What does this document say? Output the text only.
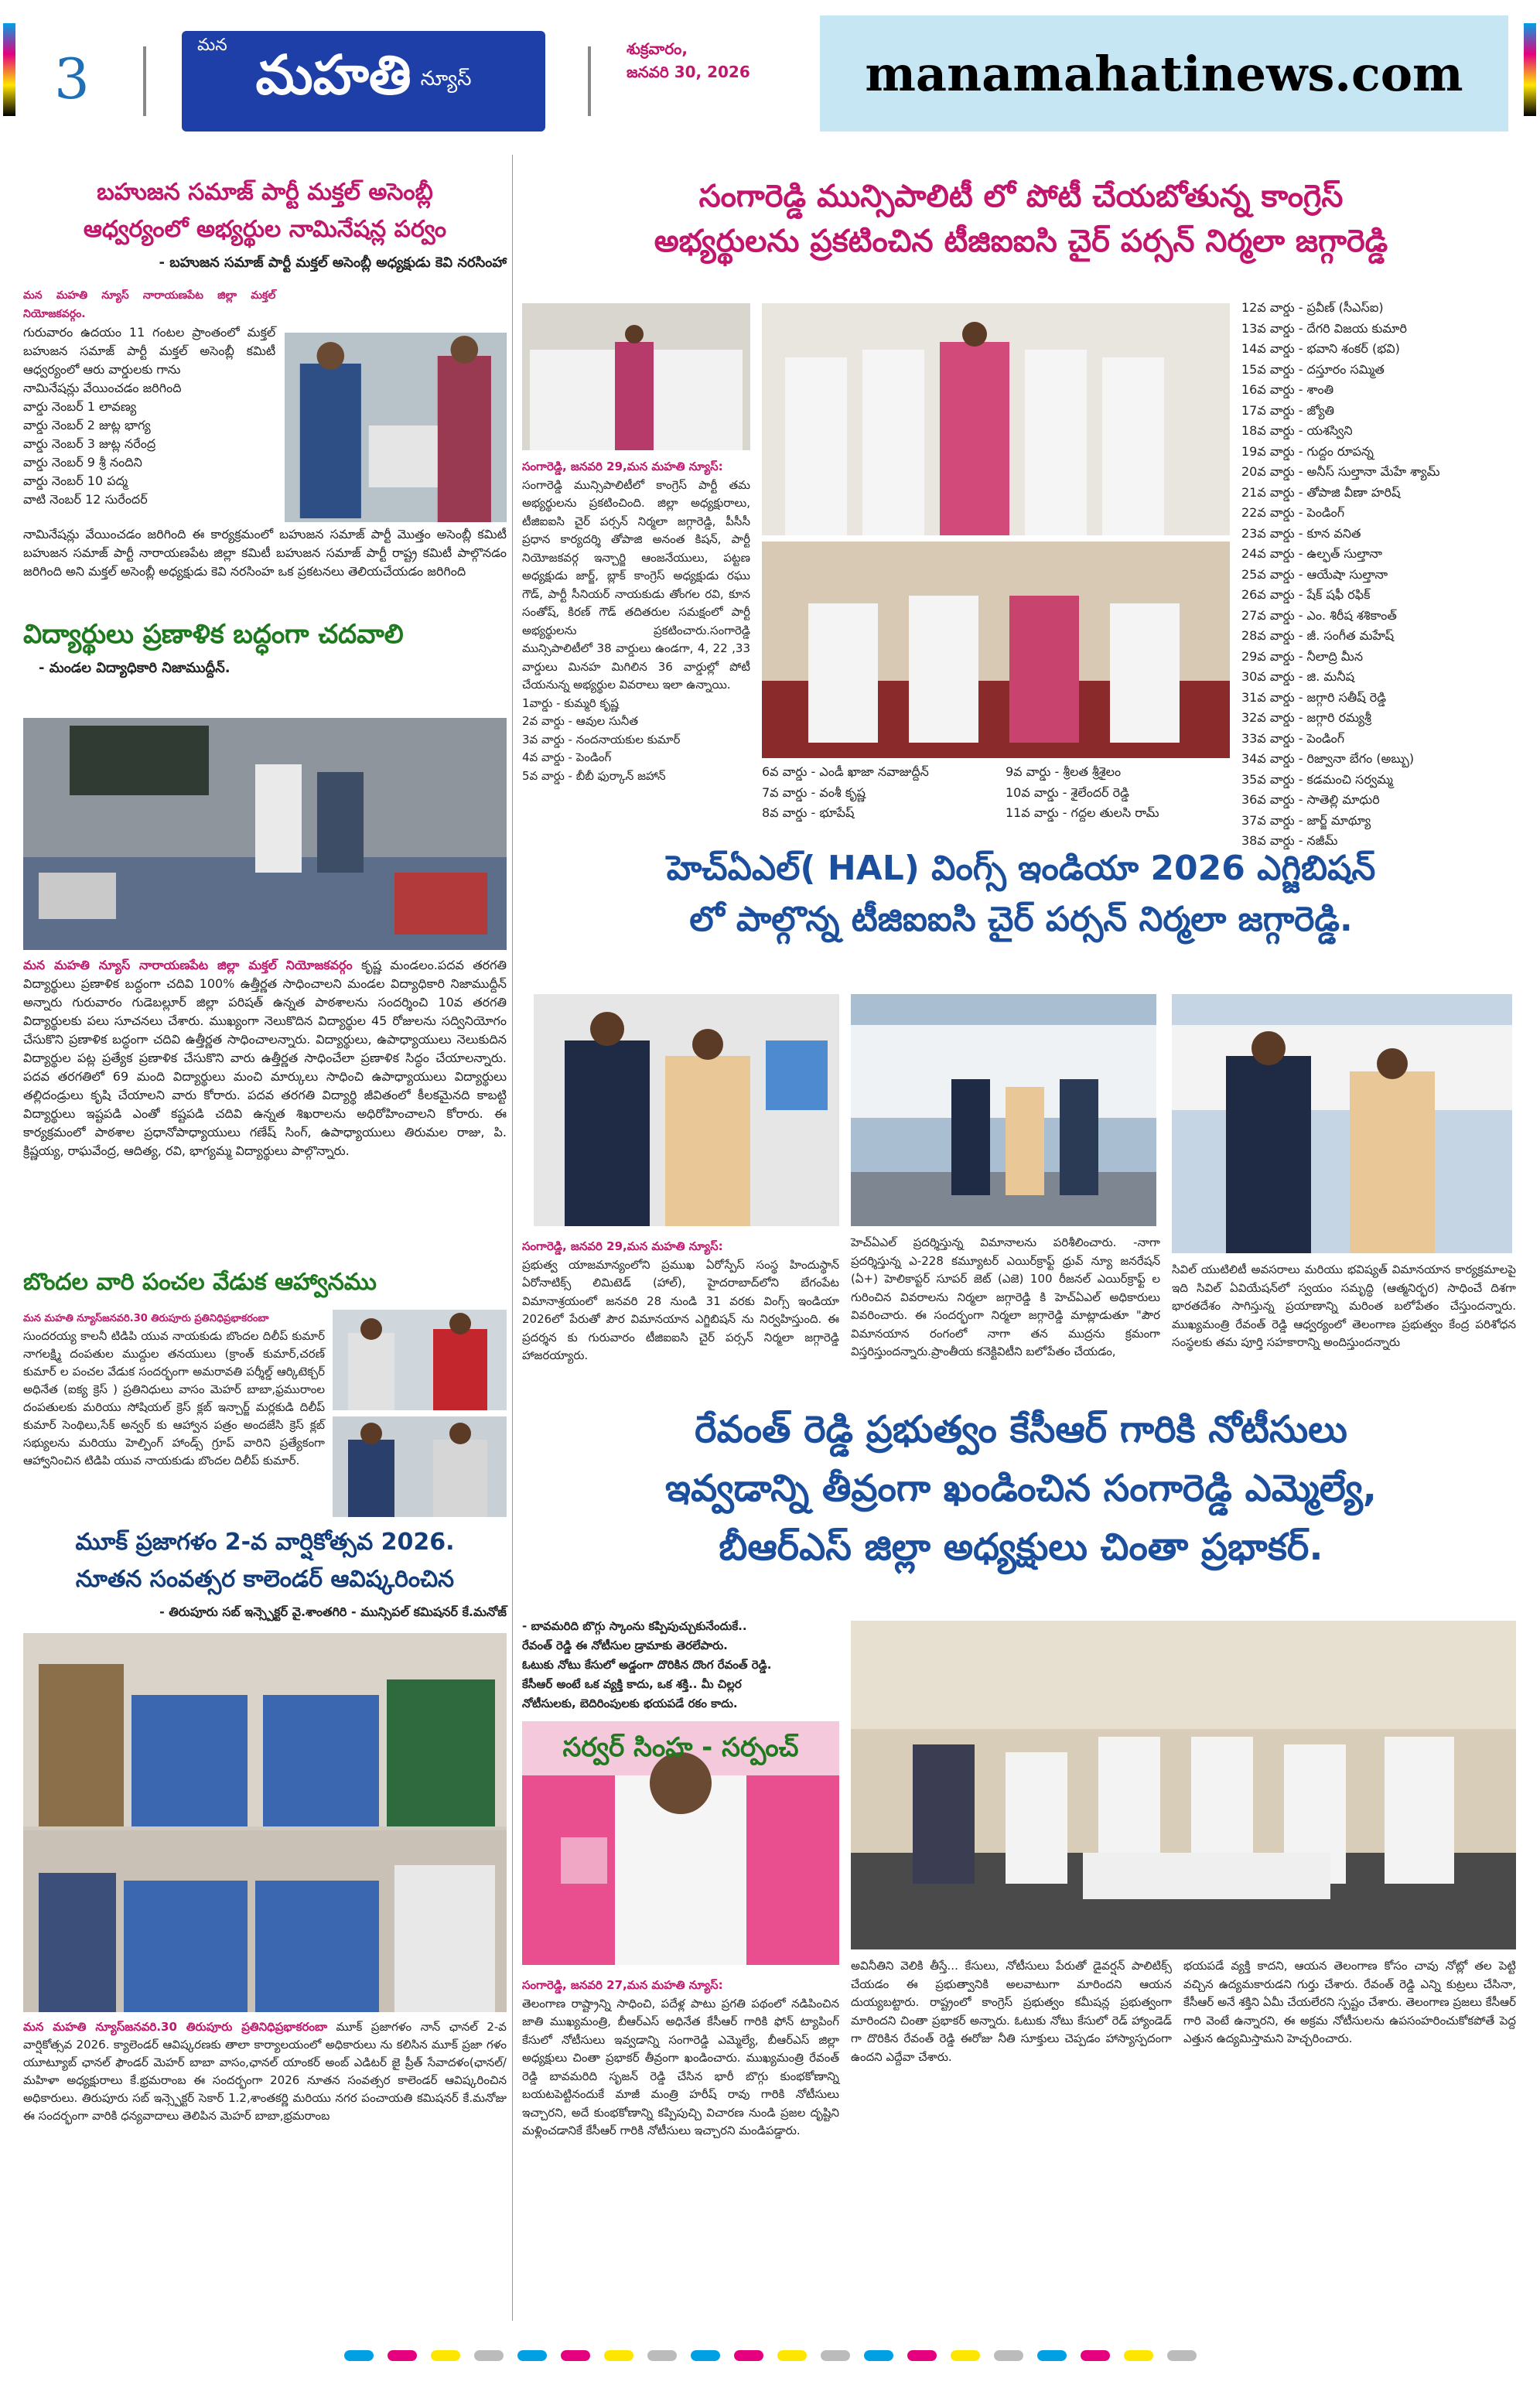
3
మన మహతి న్యూస్
శుక్రవారం,
జనవరి 30, 2026 manamahatinews.com
బహుజన సమాజ్ పార్టీ మక్తల్ అసెంబ్లీ
ఆధ్వర్యంలో అభ్యర్థుల నామినేషన్ల పర్వం
- బహుజన సమాజ్ పార్టీ మక్తల్ అసెంబ్లీ అధ్యక్షుడు కెవి నరసింహా
మన మహతి న్యూస్ నారాయణపేట జిల్లా మక్తల్ నియోజకవర్గం.
గురువారం ఉదయం 11 గంటల ప్రాంతంలో మక్తల్ బహుజన సమాజ్ పార్టీ మక్తల్ అసెంబ్లీ కమిటీ ఆధ్వర్యంలో ఆరు వార్డులకు గాను
నామినేషన్లు వేయించడం జరిగింది
వార్డు నెంబర్ 1 లావణ్య
వార్డు నెంబర్ 2 జుట్ల భాగ్య
వార్డు నెంబర్ 3 జుట్ల నరేంద్ర
వార్డు నెంబర్ 9 శ్రీ నందిని
వార్డు నెంబర్ 10 పద్మ
వాటి నెంబర్ 12 సురేందర్
నామినేషన్లు వేయించడం జరిగింది ఈ కార్యక్రమంలో బహుజన సమాజ్ పార్టీ మొత్తం అసెంబ్లీ కమిటీ బహుజన సమాజ్ పార్టీ నారాయణపేట జిల్లా కమిటీ బహుజన సమాజ్ పార్టీ రాష్ట్ర కమిటీ పాల్గొనడం జరిగింది అని మక్తల్ అసెంబ్లీ అధ్యక్షుడు కెవి నరసింహ ఒక ప్రకటనలు తెలియచేయడం జరిగింది
విద్యార్థులు ప్రణాళిక బద్ధంగా చదవాలి
- మండల విద్యాధికారి నిజాముద్దీన్.
మన మహతి న్యూస్ నారాయణపేట జిల్లా మక్తల్ నియోజకవర్గం కృష్ణ మండలం.పదవ తరగతి విద్యార్థులు ప్రణాళిక బద్ధంగా చదివి 100% ఉత్తీర్ణత సాధించాలని మండల విద్యాధికారి నిజాముద్దీన్ అన్నారు గురువారం గుడెబల్లూర్ జిల్లా పరిషత్ ఉన్నత పాఠశాలను సందర్శించి 10వ తరగతి విద్యార్థులకు పలు సూచనలు చేశారు. ముఖ్యంగా నెలుకొదిన విద్యార్థుల 45 రోజులను సద్వినియోగం చేసుకొని ప్రణాళిక బద్ధంగా చదివి ఉత్తీర్ణత సాధించాలన్నారు. విద్యార్థులు, ఉపాధ్యాయులు నెలుకుదిన విద్యార్థుల పట్ల ప్రత్యేక ప్రణాళిక చేసుకొని వారు ఉత్తీర్ణత సాధించేలా ప్రణాళిక సిద్ధం చేయాలన్నారు. పదవ తరగతిలో 69 మంది విద్యార్థులు మంచి మార్కులు సాధించి ఉపాధ్యాయులు విద్యార్థులు తల్లిదండ్రులు కృషి చేయాలని వారు కోరారు. పదవ తరగతి విద్యార్థి జీవితంలో కీలకమైనది కాబట్టి విద్యార్థులు ఇష్టపడి ఎంతో కష్టపడి చదివి ఉన్నత శిఖరాలను అధిరోహించాలని కోరారు. ఈ కార్యక్రమంలో పాఠశాల ప్రధానోపాధ్యాయులు గణేష్ సింగ్, ఉపాధ్యాయులు తిరుమల రాజు, పి. క్రిష్ణయ్య, రాఘవేంద్ర, ఆదిత్య, రవి, భాగ్యమ్మ విద్యార్థులు పాల్గొన్నారు.
బొందల వారి పంచల వేడుక ఆహ్వానము
మన మహతి న్యూస్‌జనవరి.30 తిరుపూరు ప్రతినిధిప్రభాకరంబా
సుందరయ్య కాలనీ టిడిపి యువ నాయకుడు బొందల దిలీప్ కుమార్ నాగలక్ష్మి దంపతుల ముద్దుల తనయులు (క్రాంత్ కుమార్,చరణ్ కుమార్ ల పంచల వేడుక సందర్భంగా అమరావతి పర్శీల్డ్ ఆర్కిటెక్చర్ అధినేత (ఐక్య క్రెస్ ) ప్రతినిధులు వాసం మెహర్ బాబా,ఫ్రమురాంల దంపతులకు మరియు సోషియల్ క్రెస్ క్లబ్ ఇన్చార్జ్ మర్లకుడి దిలీప్ కుమార్ సెంథిలు,సేక్ అన్వర్ కు ఆహ్వాన పత్రం అందజేసి క్రెస్ క్లబ్ సభ్యులను మరియు హెల్పింగ్ హాండ్స్ గ్రూప్ వారిని ప్రత్యేకంగా ఆహ్వానించిన టిడిపి యువ నాయకుడు బొందల దిలీప్ కుమార్.
మూక్ ప్రజాగళం 2-వ వార్షికోత్సవ 2026.
నూతన సంవత్సర కాలెండర్ ఆవిష్కరించిన
- తిరుపూరు సబ్ ఇన్స్పెక్టర్ వై.శాంతగిరి - మున్సిపల్ కమిషనర్ కే.మనోజ్
మన మహతి న్యూస్‌జనవరి.30 తిరుపూరు ప్రతినిధిప్రభాకరంబా మూక్ ప్రజాగళం నాన్ ఛానల్ 2-వ వార్షికోత్సవ 2026. క్యాలెండర్ ఆవిష్కరణకు తాలా కార్యాలయంలో అధికారులు ను కలిసిన మూక్ ప్రజా గళం యూట్యూబ్ ఛానల్ ఫౌండర్ మెహర్ బాబా వాసం,ఛానల్ యాంకర్ అంబ్ ఎడిటర్ జై ప్రీత్ సేవాదళం(ఛానల్/మహిళా అధ్యక్షురాలు కే.భ్రమరాంబ ఈ సందర్భంగా 2026 నూతన సంవత్సర కాలెండర్ ఆవిష్కరించిన అధికారులు. తిరుపూరు సబ్ ఇన్స్పెక్టర్ సెకార్ 1.2,శాంతకర్ణి మరియు నగర పంచాయతి కమిషనర్ కే.మనోజు ఈ సందర్భంగా వారికి ధన్యవాదాలు తెలిపిన మెహర్ బాబా,భ్రమరాంబ
సంగారెడ్డి మున్సిపాలిటీ లో పోటీ చేయబోతున్న కాంగ్రెస్
అభ్యర్థులను ప్రకటించిన టీజిఐఐసి చైర్ పర్సన్ నిర్మలా జగ్గారెడ్డి
సంగారెడ్డి, జనవరి 29,మన మహతి న్యూస్:
సంగారెడ్డి మున్సిపాలిటీలో కాంగ్రెస్ పార్టీ తమ అభ్యర్థులను ప్రకటించింది. జిల్లా అధ్యక్షురాలు, టీజిఐఐసి చైర్ పర్సన్ నిర్మలా జగ్గారెడ్డి, పీసీసీ ప్రధాన కార్యదర్శి తోపాజి అనంత కిషన్, పార్టీ నియోజకవర్గ ఇన్చార్జి ఆంజనేయులు, పట్టణ అధ్యక్షుడు జార్జ్, బ్లాక్ కాంగ్రెస్ అధ్యక్షుడు రఘు గౌడ్, పార్టీ సీనియర్ నాయకుడు తోంగల రవి, కూన సంతోష్, కిరణ్ గౌడ్ తదితరుల సమక్షంలో పార్టీ అభ్యర్థులను ప్రకటించారు.సంగారెడ్డి మున్సిపాలిటీలో 38 వార్డులు ఉండగా, 4, 22 ,33 వార్డులు మినహ మిగిలిన 36 వార్డుల్లో పోటీ చేయనున్న అభ్యర్థుల వివరాలు ఇలా ఉన్నాయి.
1వార్డు - కుమ్మరి కృష్ణ
2వ వార్డు - ఆవుల సునీత
3వ వార్డు - నందనాయకుల కుమార్
4వ వార్డు - పెండింగ్
5వ వార్డు - బీబీ ఫుర్కాన్ జహాన్	6వ వార్డు - ఎండీ ఖాజా నవాజుద్దీన్
7వ వార్డు - వంశీ కృష్ణ
8వ వార్డు - భూపేష్
9వ వార్డు - శ్రీలత శ్రీశైలం
10వ వార్డు - శైలేందర్ రెడ్డి
11వ వార్డు - గద్దల తులసి రామ్
12వ వార్డు - ప్రవీణ్ (సీఎస్ఐ)
13వ వార్డు - దేగరి విజయ కుమారి
14వ వార్డు - భవాని శంకర్ (భవి)
15వ వార్డు - దస్తూరం సమ్మిత
16వ వార్డు - శాంతి
17వ వార్డు - జ్యోతి
18వ వార్డు - యశస్విని
19వ వార్డు - గుద్దం రూపన్న
20వ వార్డు - అనీస్ సుల్తానా మేహే శ్యామ్
21వ వార్డు - తోపాజి వీణా హరిష్
22వ వార్డు - పెండింగ్
23వ వార్డు - కూన వనిత
24వ వార్డు - ఉల్ఫత్ సుల్తానా
25వ వార్డు - ఆయేషా సుల్తానా
26వ వార్డు - షేక్ షఫీ రఫిక్
27వ వార్డు - ఎం. శిరీష శశికాంత్
28వ వార్డు - జీ. సంగీత మహేష్
29వ వార్డు - నీలాద్రి మీన
30వ వార్డు - జి. మనీష
31వ వార్డు - జగ్గారి సతీష్ రెడ్డి
32వ వార్డు - జగ్గారి రమ్యశ్రీ
33వ వార్డు - పెండింగ్
34వ వార్డు - రిజ్వానా బేగం (అబ్బు)
35వ వార్డు - కడమంచి సర్వమ్మ
36వ వార్డు - సాతెల్లి మాధురి
37వ వార్డు - జార్జ్ మాథ్యూ
38వ వార్డు - నజీమ్
హెచ్ఏఎల్( HAL) వింగ్స్ ఇండియా 2026 ఎగ్జిబిషన్
లో పాల్గొన్న టీజిఐఐసి చైర్ పర్సన్ నిర్మలా జగ్గారెడ్డి.
సంగారెడ్డి, జనవరి 29,మన మహతి న్యూస్:
ప్రభుత్వ యాజమాన్యంలోని ప్రముఖ ఏరోస్పేస్ సంస్థ హిందుస్థాన్ ఏరోనాటిక్స్ లిమిటెడ్ (హాల్), హైదరాబాద్‌లోని బేగంపేట విమానాశ్రయంలో జనవరి 28 నుండి 31 వరకు వింగ్స్ ఇండియా 2026లో పేరుతో పౌర విమానయాన ఎగ్జిబిషన్ ను నిర్వహిస్తుంది. ఈ ప్రదర్శన కు గురువారం టీజిఐఐసి చైర్ పర్సన్ నిర్మలా జగ్గారెడ్డి హాజరయ్యారు.
హెచ్ఏఎల్ ప్రదర్శిస్తున్న విమానాలను పరిశీలించారు. -నాగా ప్రదర్శిస్తున్న ఎ-228 కమ్యూటర్ ఎయిర్‌క్రాఫ్ట్ ధ్రువ్ న్యూ జనరేషన్ (ఏ+) హెలికాప్టర్ సూపర్ జెట్ (ఎజె) 100 రీజనల్ ఎయిర్‌క్రాఫ్ట్ ల గురించిన వివరాలను నిర్మలా జగ్గారెడ్డి కి హెచ్ఏఎల్ అధికారులు వివరించారు. ఈ సందర్భంగా నిర్మలా జగ్గారెడ్డి మాట్లాడుతూ "పౌర విమానయాన రంగంలో నాగా తన ముద్రను క్రమంగా విస్తరిస్తుందన్నారు.ప్రాంతీయ కనెక్టివిటీని బలోపేతం చేయడం,
సివిల్ యుటిలిటీ అవసరాలు మరియు భవిష్యత్ విమానయాన కార్యక్రమాలపై ఇది సివిల్ ఏవియేషన్‌లో స్వయం సమృద్ధి (ఆత్మనిర్భర) సాధించే దిశగా భారతదేశం సాగిస్తున్న ప్రయాణాన్ని మరింత బలోపేతం చేస్తుందన్నారు. ముఖ్యమంత్రి రేవంత్ రెడ్డి ఆధ్వర్యంలో తెలంగాణ ప్రభుత్వం కేంద్ర పరిశోధన సంస్థలకు తమ పూర్తి సహకారాన్ని అందిస్తుందన్నారు
రేవంత్ రెడ్డి ప్రభుత్వం కేసీఆర్ గారికి నోటీసులు
ఇవ్వడాన్ని తీవ్రంగా ఖండించిన సంగారెడ్డి ఎమ్మెల్యే,
బీఆర్ఎస్ జిల్లా అధ్యక్షులు చింతా ప్రభాకర్.
- బావమరిది బొగ్గు స్కాంను కప్పిపుచ్చుకునేందుకే..
రేవంత్ రెడ్డి ఈ నోటీసుల డ్రామాకు తెరలేపారు.
ఓటుకు నోటు కేసులో అడ్డంగా దొరికిన దొంగ రేవంత్ రెడ్డి.
కేసీఆర్ అంటే ఒక వ్యక్తి కాదు, ఒక శక్తి.. మీ చిల్లర
నోటీసులకు, బెదిరింపులకు భయపడే రకం కాదు.
సర్వర్ సింహ - సర్పంచ్
సంగారెడ్డి, జనవరి 27,మన మహతి న్యూస్:
తెలంగాణ రాష్ట్రాన్ని సాధించి, పదేళ్ల పాటు ప్రగతి పథంలో నడిపించిన జాతి ముఖ్యమంత్రి, బీఆర్ఎస్ అధినేత కేసీఆర్ గారికి ఫోన్ ట్యాపింగ్ కేసులో నోటీసులు ఇవ్వడాన్ని సంగారెడ్డి ఎమ్మెల్యే, బీఆర్ఎస్ జిల్లా అధ్యక్షులు చింతా ప్రభాకర్ తీవ్రంగా ఖండించారు. ముఖ్యమంత్రి రేవంత్ రెడ్డి బావమరిది సృజన్ రెడ్డి చేసిన భారీ బొగ్గు కుంభకోణాన్ని బయటపెట్టినందుకే మాజీ మంత్రి హరీష్ రావు గారికి నోటీసులు ఇచ్చారని, అదే కుంభకోణాన్ని కప్పిపుచ్చి విచారణ నుండి ప్రజల దృష్టిని మళ్లించడానికే కేసీఆర్ గారికి నోటీసులు ఇచ్చారని మండిపడ్డారు.
అవినీతిని వెలికి తీస్తే... కేసులు, నోటీసులు పేరుతో డైవర్షన్ పాలిటిక్స్ చేయడం ఈ ప్రభుత్వానికి అలవాటుగా మారిందని ఆయన దుయ్యబట్టారు. రాష్ట్రంలో కాంగ్రెస్ ప్రభుత్వం కమీషన్ల ప్రభుత్వంగా మారిందని చింతా ప్రభాకర్ అన్నారు. ఓటుకు నోటు కేసులో రెడ్ హ్యాండెడ్ గా దొరికిన రేవంత్ రెడ్డి ఈరోజు నీతి సూక్తులు చెప్పడం హాస్యాస్పదంగా ఉందని ఎద్దేవా చేశారు.
భయపడే వ్యక్తి కాదని, ఆయన తెలంగాణ కోసం చావు నోట్లో తల పెట్టి వచ్చిన ఉద్యమకారుడని గుర్తు చేశారు. రేవంత్ రెడ్డి ఎన్ని కుట్రలు చేసినా, కేసీఆర్ అనే శక్తిని ఏమీ చేయలేరని స్పష్టం చేశారు. తెలంగాణ ప్రజలు కేసీఆర్ గారి వెంటే ఉన్నారని, ఈ అక్రమ నోటీసులను ఉపసంహరించుకోకపోతే పెద్ద ఎత్తున ఉద్యమిస్తామని హెచ్చరించారు.
